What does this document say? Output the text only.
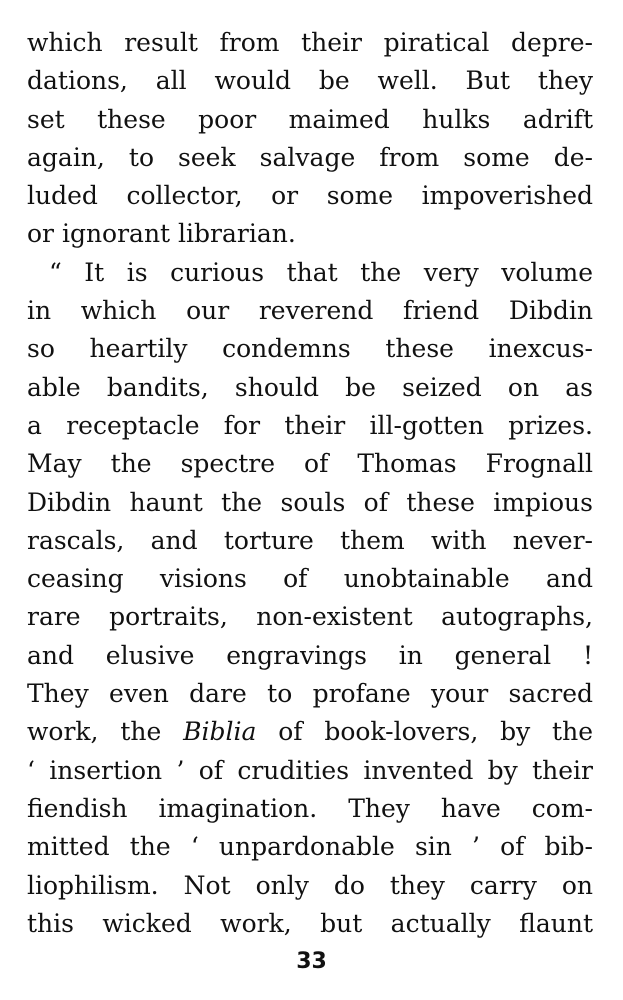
which result from their piratical depre-
dations, all would be well. But they
set these poor maimed hulks adrift
again, to seek salvage from some de-
luded collector, or some impoverished
or ignorant librarian.
“ It is curious that the very volume
in which our reverend friend Dibdin
so heartily condemns these inexcus-
able bandits, should be seized on as
a receptacle for their ill-gotten prizes.
May the spectre of Thomas Frognall
Dibdin haunt the souls of these impious
rascals, and torture them with never-
ceasing visions of unobtainable and
rare portraits, non-existent autographs,
and elusive engravings in general !
They even dare to profane your sacred
work, the Biblia of book-lovers, by the
‘ insertion ’ of crudities invented by their
fiendish imagination. They have com-
mitted the ‘ unpardonable sin ’ of bib-
liophilism. Not only do they carry on
this wicked work, but actually flaunt
33
